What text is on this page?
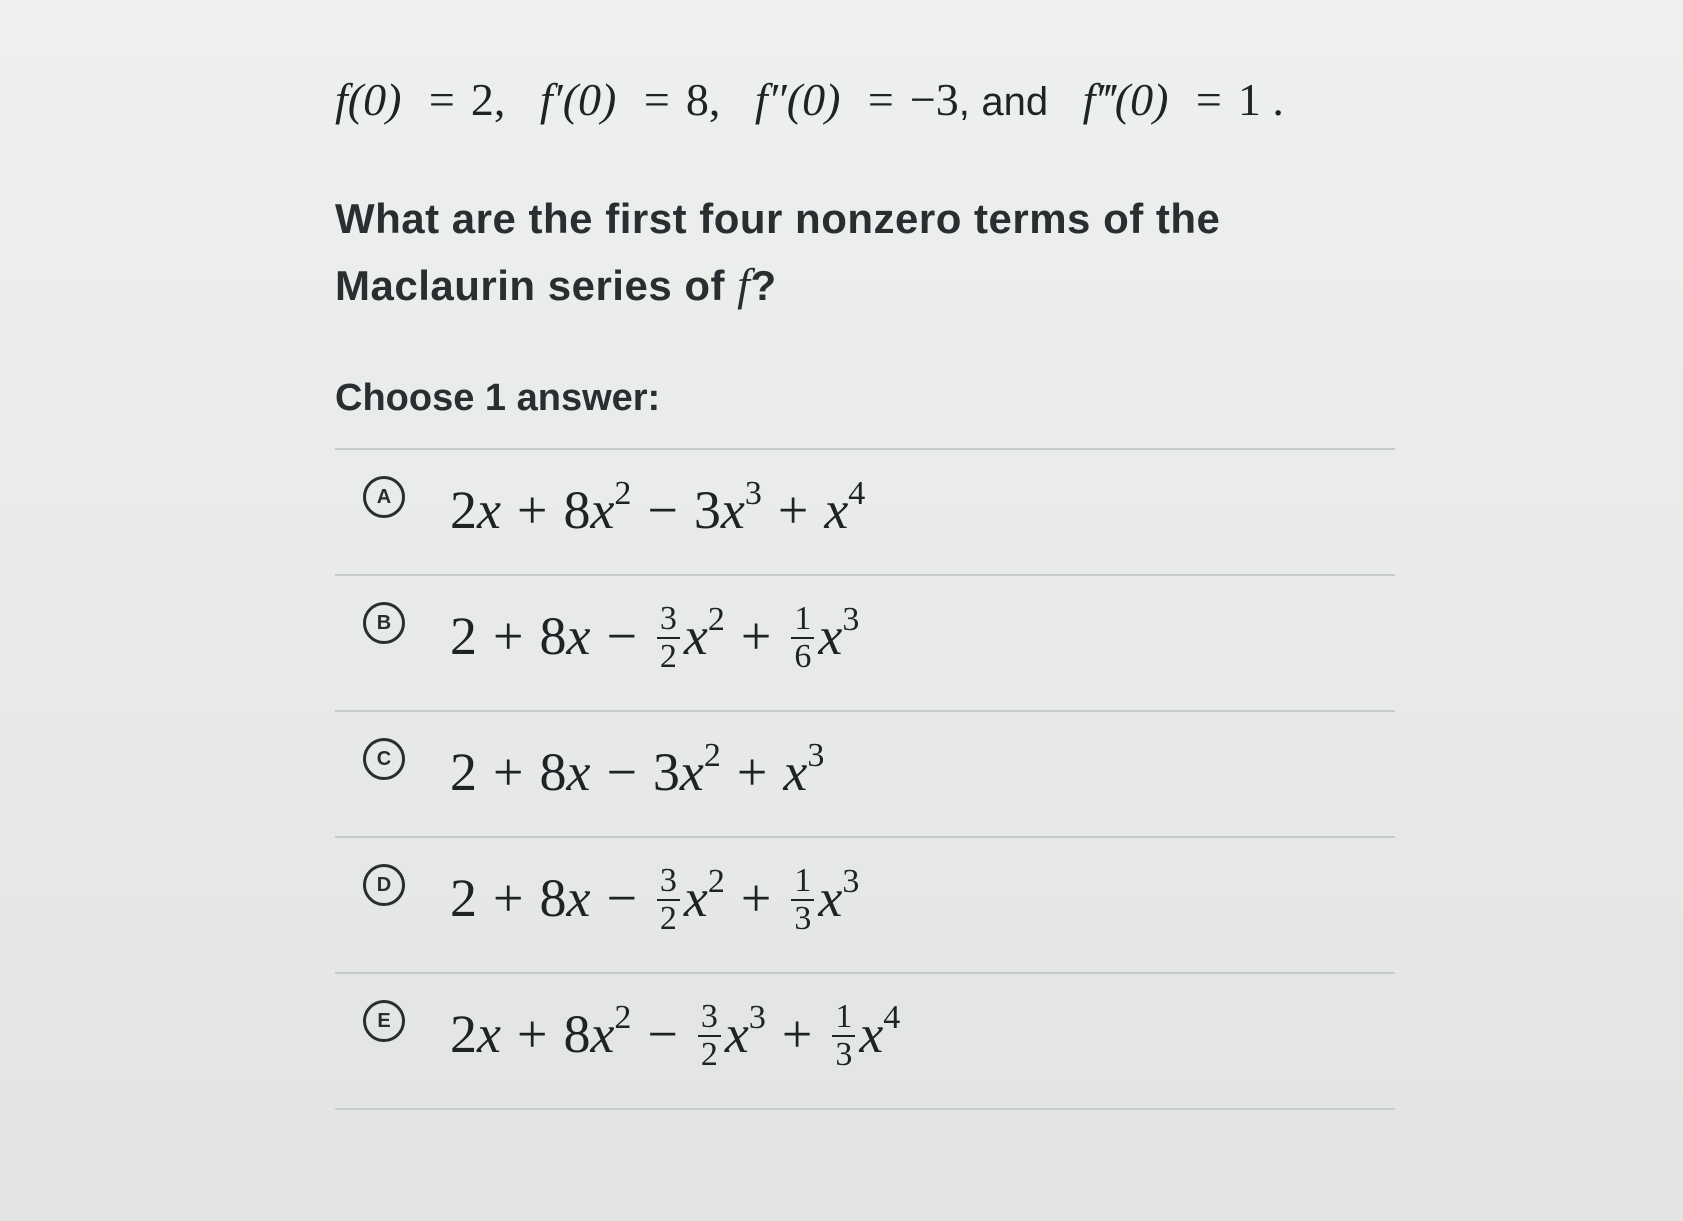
f(0) = 2,   f′(0) = 8,   f″(0) = −3, and f‴(0) = 1 .
What are the first four nonzero terms of the
Maclaurin series of f?
Choose 1 answer:
A $2x + 8x^2 - 3x^3 + x^4$
B $2 + 8x - \frac{3}{2} x^2 + \frac{1}{6} x^3$
C $2 + 8x - 3x^2 + x^3$
D $2 + 8x - \frac{3}{2} x^2 + \frac{1}{3} x^3$
E $2x + 8x^2 - \frac{3}{2} x^3 + \frac{1}{3} x^4$
